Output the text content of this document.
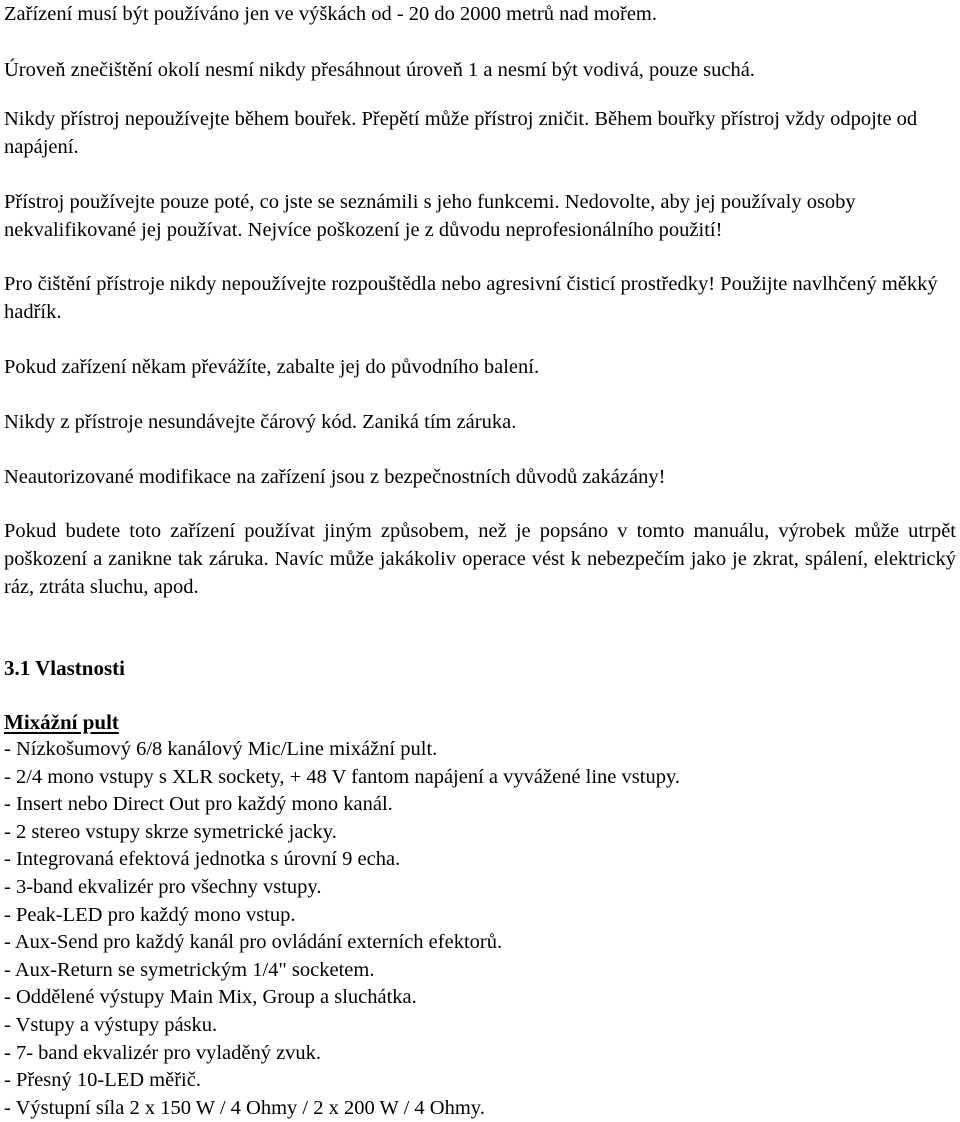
Zařízení musí být používáno jen ve výškách od - 20 do 2000 metrů nad mořem.

Úroveň znečištění okolí nesmí nikdy přesáhnout úroveň 1 a nesmí být vodivá, pouze suchá.

Nikdy přístroj nepoužívejte během bouřek. Přepětí může přístroj zničit. Během bouřky přístroj vždy odpojte od napájení.

Přístroj používejte pouze poté, co jste se seznámili s jeho funkcemi. Nedovolte, aby jej používaly osoby nekvalifikované jej používat. Nejvíce poškození je z důvodu neprofesionálního použití!

Pro čištění přístroje nikdy nepoužívejte rozpouštědla nebo agresivní čisticí prostředky! Použijte navlhčený měkký hadřík.

Pokud zařízení někam převážíte, zabalte jej do původního balení.

Nikdy z přístroje nesundávejte čárový kód. Zaniká tím záruka.

Neautorizované modifikace na zařízení jsou z bezpečnostních důvodů zakázány!

Pokud budete toto zařízení používat jiným způsobem, než je popsáno v tomto manuálu, výrobek může utrpět poškození a zanikne tak záruka. Navíc může jakákoliv operace vést k nebezpečím jako je zkrat, spálení, elektrický ráz, ztráta sluchu, apod.

3.1 Vlastnosti
Mixážní pult
- Nízkošumový 6/8 kanálový Mic/Line mixážní pult.
- 2/4 mono vstupy s XLR sockety, + 48 V fantom napájení a vyvážené line vstupy.
- Insert nebo Direct Out pro každý mono kanál.
- 2 stereo vstupy skrze symetrické jacky.
- Integrovaná efektová jednotka s úrovní 9 echa.
- 3-band ekvalizér pro všechny vstupy.
- Peak-LED pro každý mono vstup.
- Aux-Send pro každý kanál pro ovládání externích efektorů.
- Aux-Return se symetrickým 1/4" socketem.
- Oddělené výstupy Main Mix, Group a sluchátka.
- Vstupy a výstupy pásku.
- 7- band ekvalizér pro vyladěný zvuk.
- Přesný 10-LED měřič.
- Výstupní síla 2 x 150 W / 4 Ohmy / 2 x 200 W / 4 Ohmy.
